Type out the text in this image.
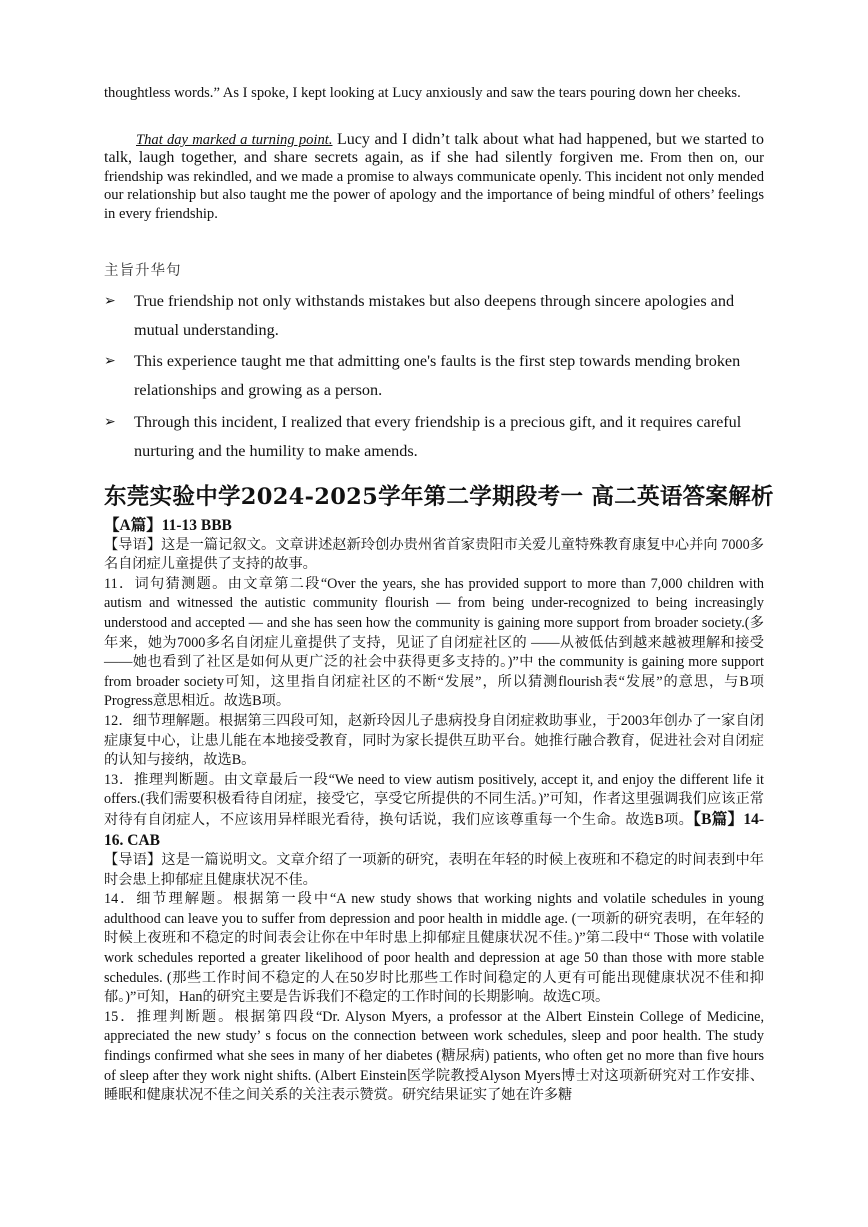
thoughtless words.” As I spoke, I kept looking at Lucy anxiously and saw the tears pouring down her cheeks.

That day marked a turning point. Lucy and I didn’t talk about what had happened, but we started to talk, laugh together, and share secrets again, as if she had silently forgiven me. From then on, our friendship was rekindled, and we made a promise to always communicate openly. This incident not only mended our relationship but also taught me the power of apology and the importance of being mindful of others’ feelings in every friendship.

主旨升华句
➢ True friendship not only withstands mistakes but also deepens through sincere apologies and mutual understanding.
➢ This experience taught me that admitting one's faults is the first step towards mending broken relationships and growing as a person.
➢ Through this incident, I realized that every friendship is a precious gift, and it requires careful nurturing and the humility to make amends.
东莞实验中学2024-2025学年第二学期段考一 高二英语答案解析
【A篇】11-13 BBB
【导语】这是一篇记叙文。文章讲述赵新玲创办贵州省首家贵阳市关爱儿童特殊教育康复中心并向 7000多名自闭症儿童提供了支持的故事。
11．词句猜测题。由文章第二段“Over the years, she has provided support to more than 7,000 children with autism and witnessed the autistic community flourish — from being under-recognized to being increasingly understood and accepted — and she has seen how the community is gaining more support from broader society.(多年来，她为7000多名自闭症儿童提供了支持，见证了自闭症社区的 ——从被低估到越来越被理解和接受——她也看到了社区是如何从更广泛的社会中获得更多支持的。)”中 the community is gaining more support from broader society可知，这里指自闭症社区的不断“发展”，所以猜测flourish表“发展”的意思，与B项Progress意思相近。故选B项。
12．细节理解题。根据第三四段可知，赵新玲因儿子患病投身自闭症救助事业，于2003年创办了一家自闭症康复中心，让患儿能在本地接受教育，同时为家长提供互助平台。她推行融合教育，促进社会对自闭症的认知与接纳，故选B。
13．推理判断题。由文章最后一段“We need to view autism positively, accept it, and enjoy the different life it offers.(我们需要积极看待自闭症，接受它，享受它所提供的不同生活。)”可知，作者这里强调我们应该正常对待有自闭症人，不应该用异样眼光看待，换句话说，我们应该尊重每一个生命。故选B项。【B篇】14-16. CAB
【导语】这是一篇说明文。文章介绍了一项新的研究，表明在年轻的时候上夜班和不稳定的时间表到中年时会患上抑郁症且健康状况不佳。
14．细节理解题。根据第一段中“A new study shows that working nights and volatile schedules in young adulthood can leave you to suffer from depression and poor health in middle age. (一项新的研究表明，在年轻的时候上夜班和不稳定的时间表会让你在中年时患上抑郁症且健康状况不佳。)”第二段中“ Those with volatile work schedules reported a greater likelihood of poor health and depression at age 50 than those with more stable schedules. (那些工作时间不稳定的人在50岁时比那些工作时间稳定的人更有可能出现健康状况不佳和抑郁。)”可知，Han的研究主要是告诉我们不稳定的工作时间的长期影响。故选C项。
15．推理判断题。根据第四段“Dr. Alyson Myers, a professor at the Albert Einstein College of Medicine, appreciated the new study’ s focus on the connection between work schedules, sleep and poor health. The study findings confirmed what she sees in many of her diabetes (糖尿病) patients, who often get no more than five hours of sleep after they work night shifts. (Albert Einstein医学院教授Alyson Myers博士对这项新研究对工作安排、睡眠和健康状况不佳之间关系的关注表示赞赏。研究结果证实了她在许多糖
